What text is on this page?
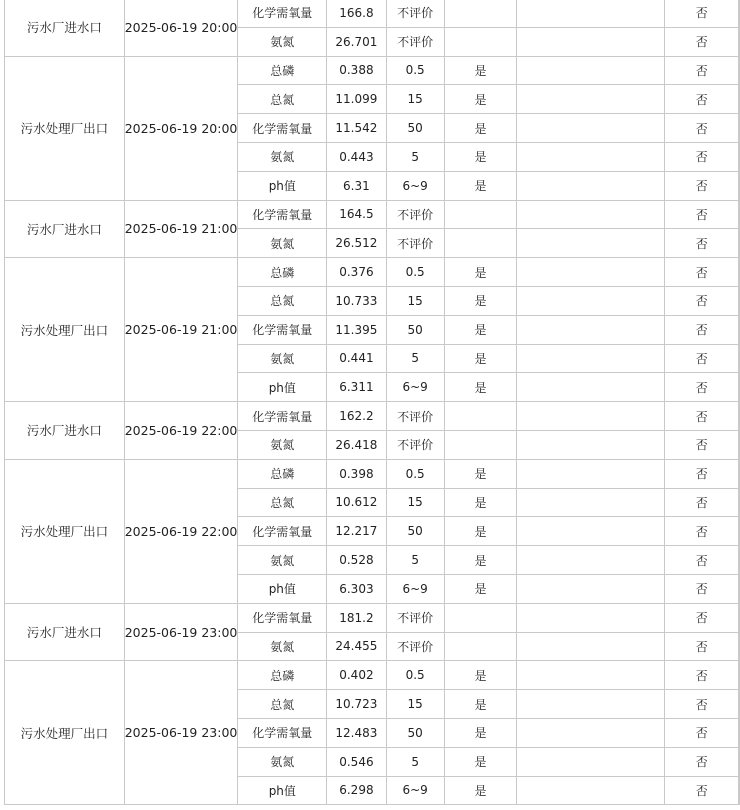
污水厂进水口	2025-06-19 20:00	化学需氧量	166.8	不评价			否	
		氨氮	26.701	不评价			否	
污水处理厂出口	2025-06-19 20:00	总磷	0.388	0.5	是		否	
		总氮	11.099	15	是		否	
		化学需氧量	11.542	50	是		否	
		氨氮	0.443	5	是		否	
		ph值	6.31	6~9	是		否	
污水厂进水口	2025-06-19 21:00	化学需氧量	164.5	不评价			否	
		氨氮	26.512	不评价			否	
污水处理厂出口	2025-06-19 21:00	总磷	0.376	0.5	是		否	
		总氮	10.733	15	是		否	
		化学需氧量	11.395	50	是		否	
		氨氮	0.441	5	是		否	
		ph值	6.311	6~9	是		否	
污水厂进水口	2025-06-19 22:00	化学需氧量	162.2	不评价			否	
		氨氮	26.418	不评价			否	
污水处理厂出口	2025-06-19 22:00	总磷	0.398	0.5	是		否	
		总氮	10.612	15	是		否	
		化学需氧量	12.217	50	是		否	
		氨氮	0.528	5	是		否	
		ph值	6.303	6~9	是		否	
污水厂进水口	2025-06-19 23:00	化学需氧量	181.2	不评价			否	
		氨氮	24.455	不评价			否	
污水处理厂出口	2025-06-19 23:00	总磷	0.402	0.5	是		否	
		总氮	10.723	15	是		否	
		化学需氧量	12.483	50	是		否	
		氨氮	0.546	5	是		否	
		ph值	6.298	6~9	是		否	
